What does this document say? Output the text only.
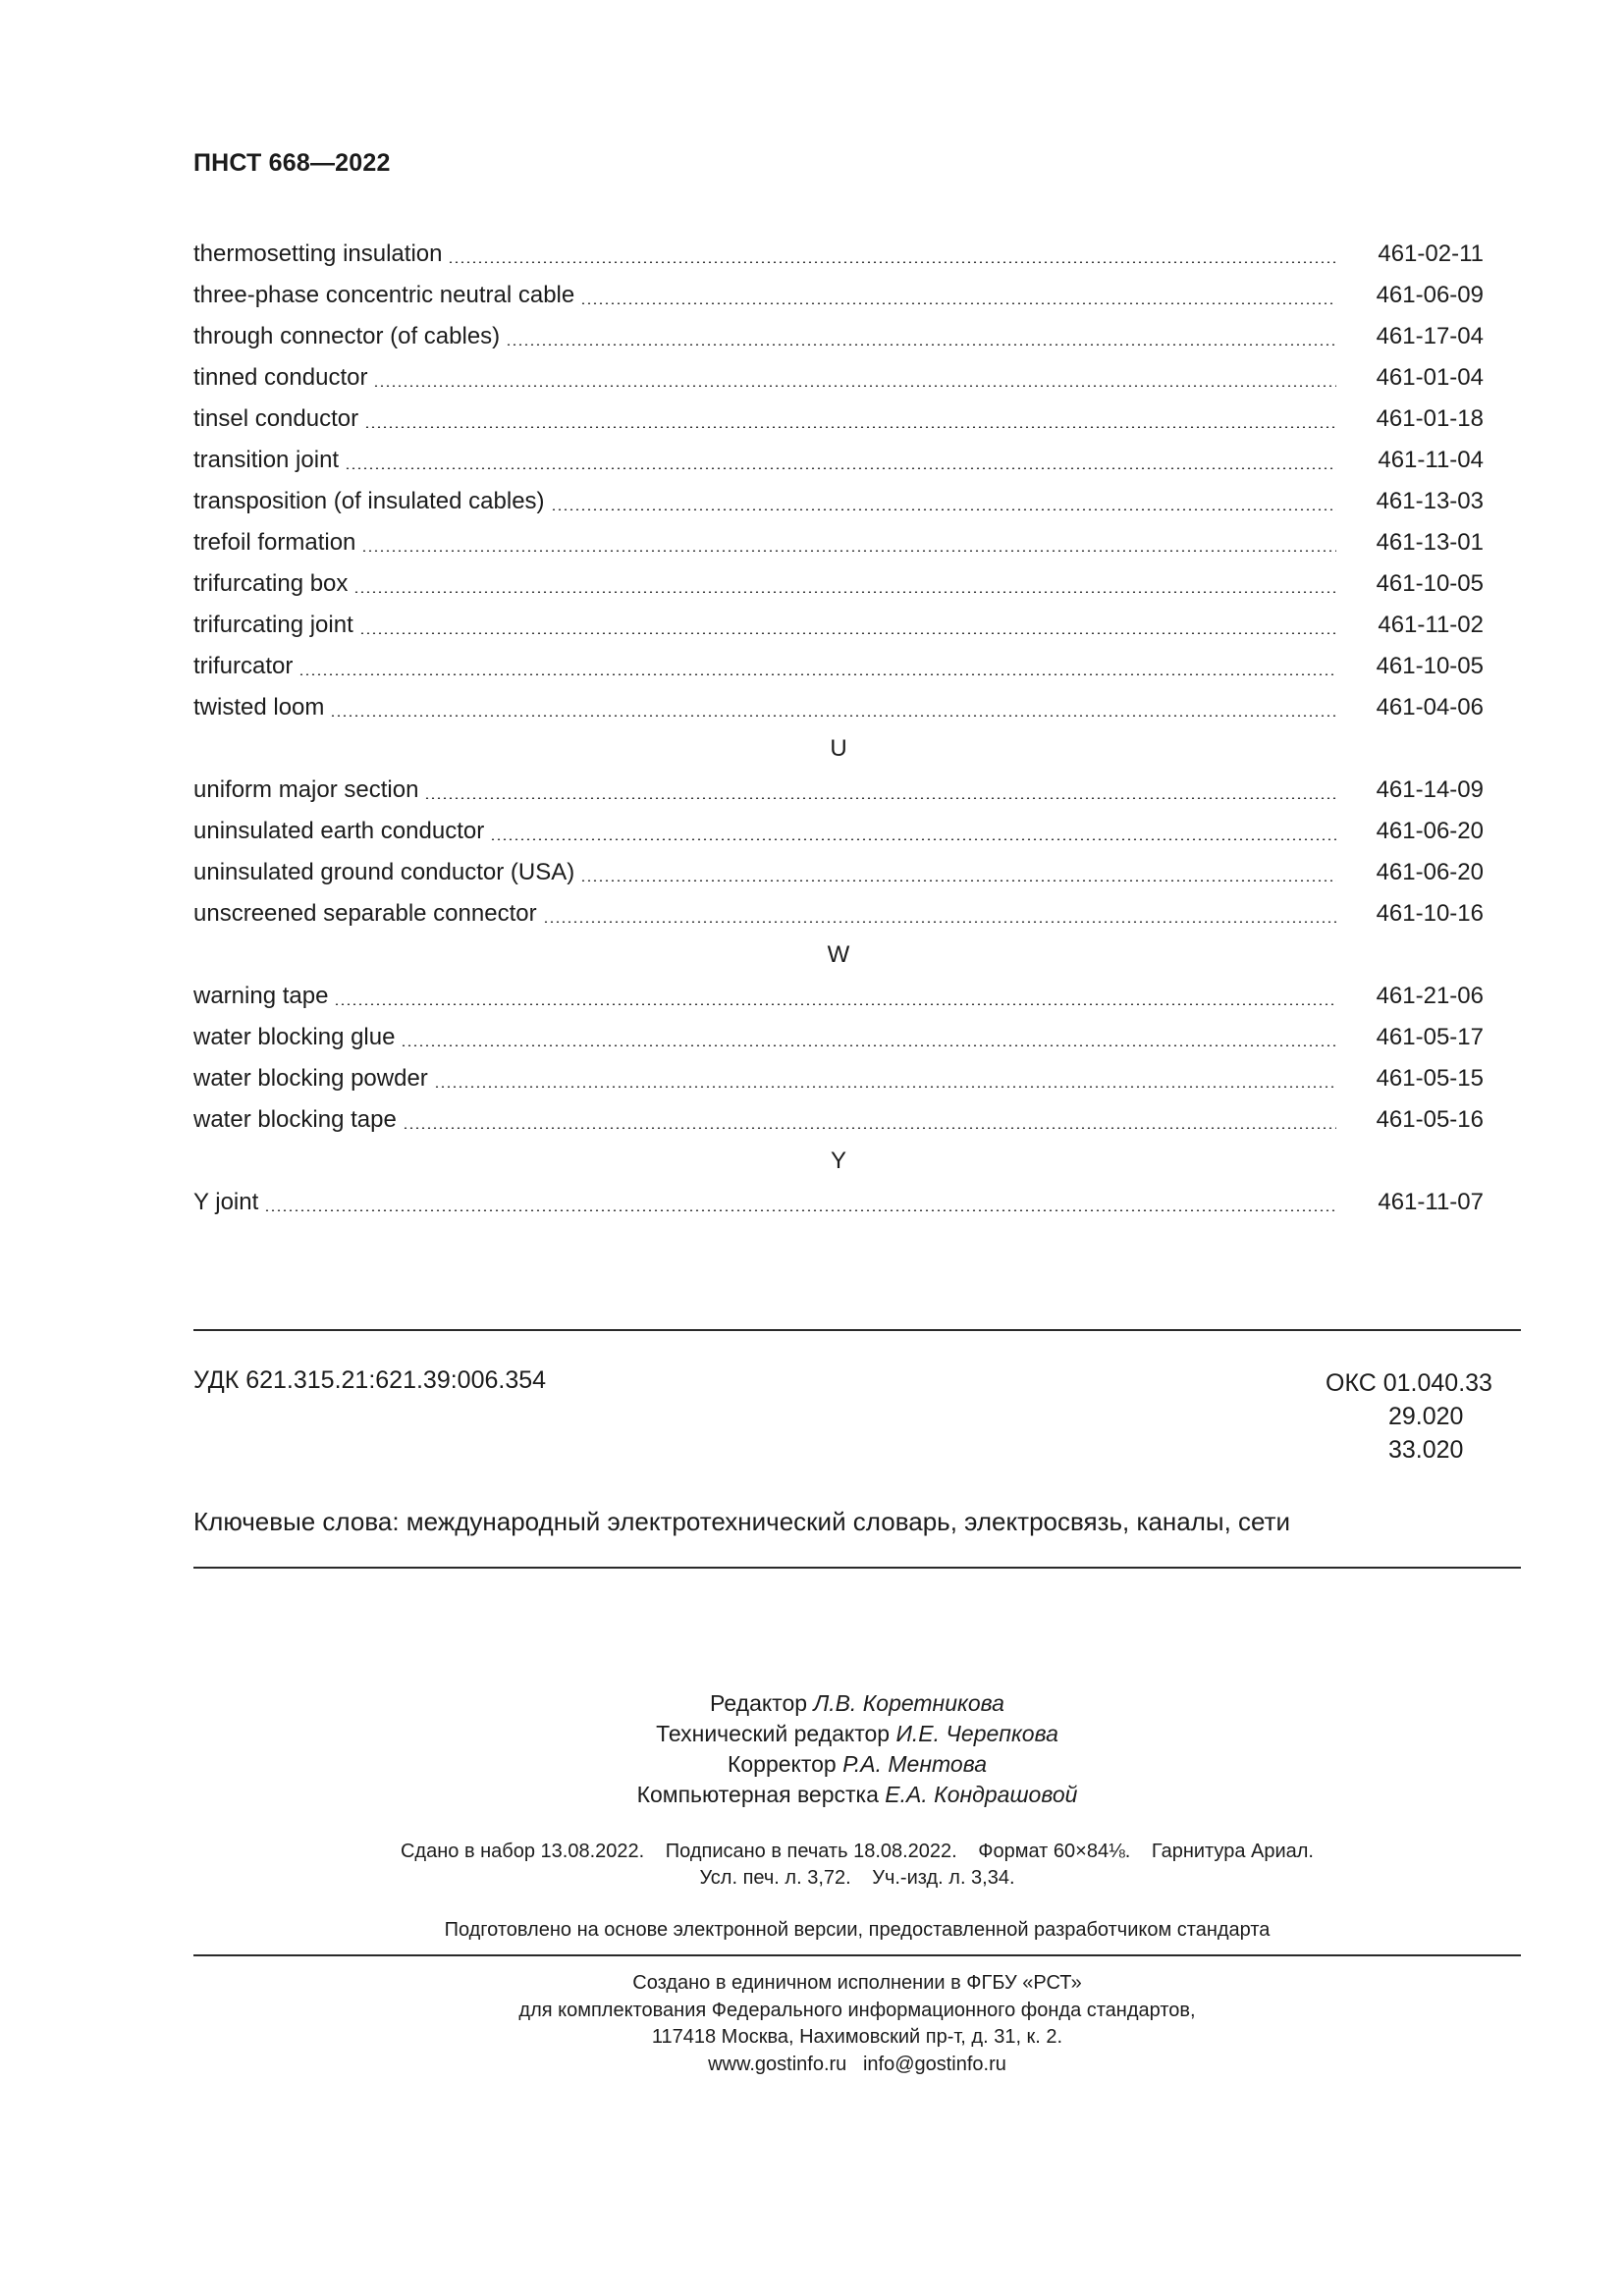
ПНСТ 668—2022
thermosetting insulation	461-02-11
three-phase concentric neutral cable	461-06-09
through connector (of cables)	461-17-04
tinned conductor	461-01-04
tinsel conductor	461-01-18
transition joint	461-11-04
transposition (of insulated cables)	461-13-03
trefoil formation	461-13-01
trifurcating box	461-10-05
trifurcating joint	461-11-02
trifurcator	461-10-05
twisted loom	461-04-06
U
uniform major section	461-14-09
uninsulated earth conductor	461-06-20
uninsulated ground conductor (USA)	461-06-20
unscreened separable connector	461-10-16
W
warning tape	461-21-06
water blocking glue	461-05-17
water blocking powder	461-05-15
water blocking tape	461-05-16
Y
Y joint	461-11-07
УДК 621.315.21:621.39:006.354	ОКС 01.040.33
29.020
33.020
Ключевые слова: международный электротехнический словарь, электросвязь, каналы, сети
Редактор Л.В. Коретникова
Технический редактор И.Е. Черепкова
Корректор Р.А. Ментова
Компьютерная верстка Е.А. Кондрашовой
Сдано в набор 13.08.2022. Подписано в печать 18.08.2022. Формат 60×84⅛. Гарнитура Ариал.
Усл. печ. л. 3,72. Уч.-изд. л. 3,34.
Подготовлено на основе электронной версии, предоставленной разработчиком стандарта
Создано в единичном исполнении в ФГБУ «РСТ»
для комплектования Федерального информационного фонда стандартов,
117418 Москва, Нахимовский пр-т, д. 31, к. 2.
www.gostinfo.ru   info@gostinfo.ru
